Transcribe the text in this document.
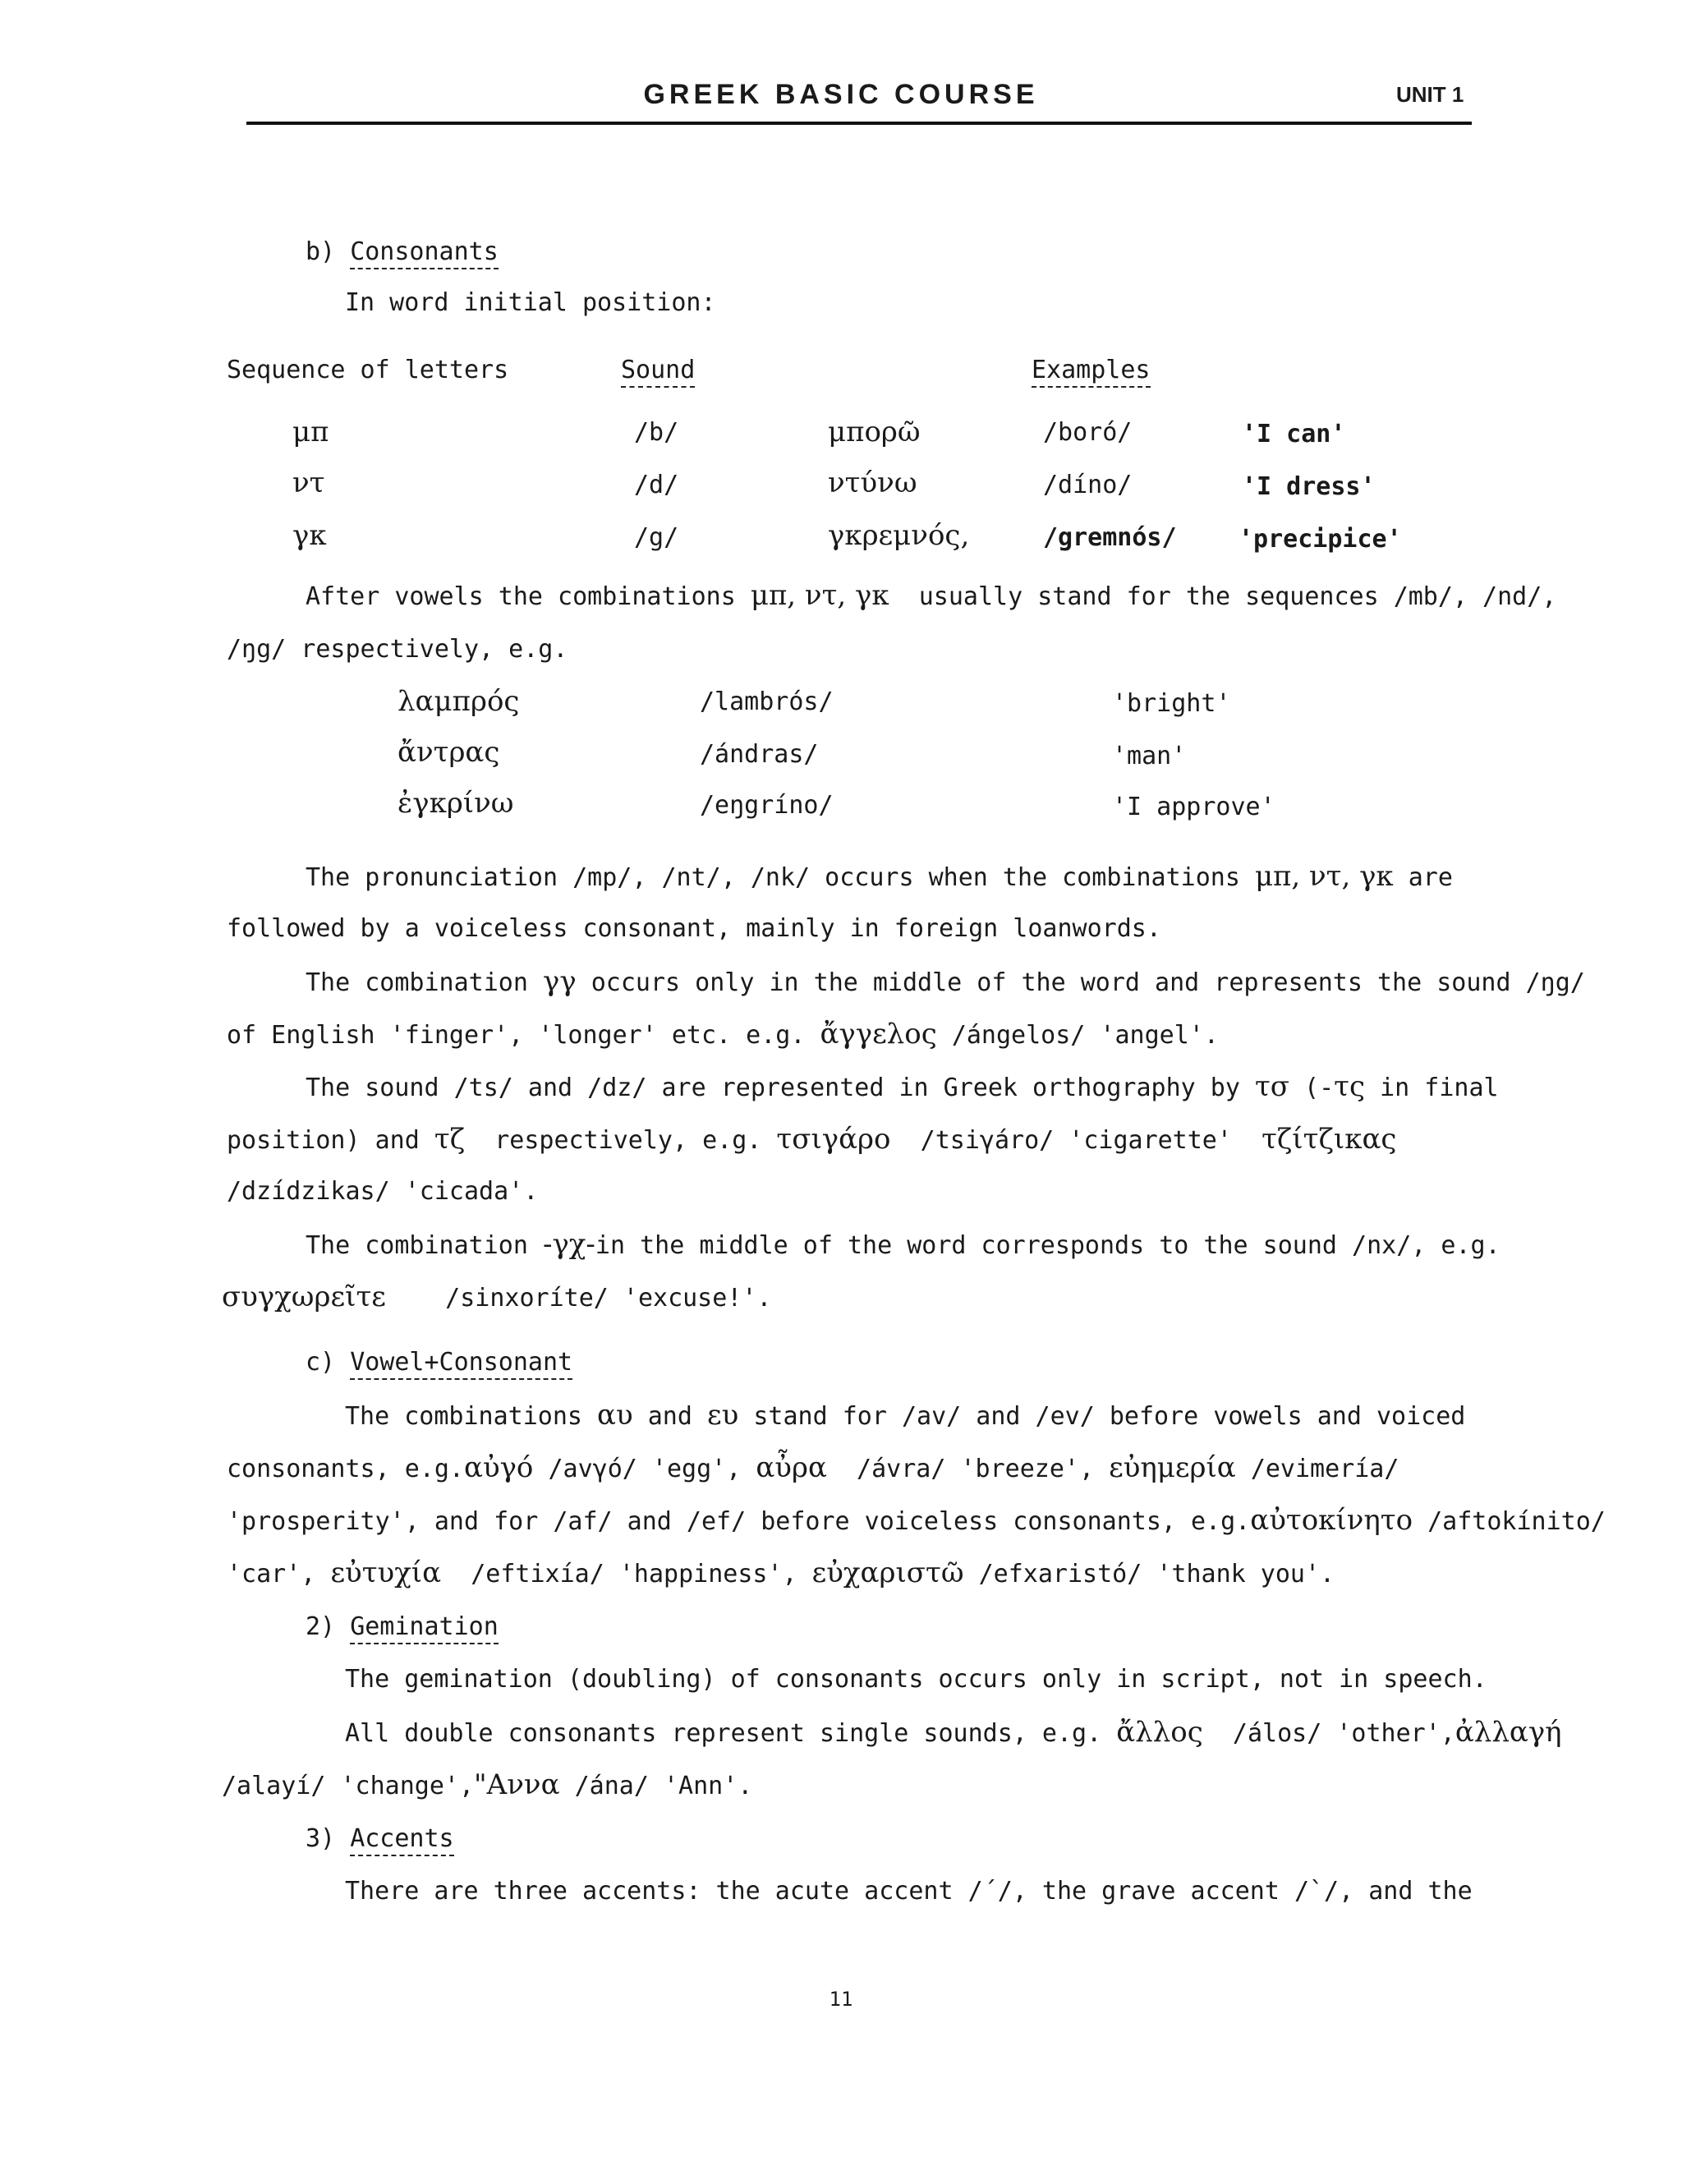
GREEK BASIC COURSE	UNIT 1
b) Consonants
In word initial position:
Sequence of letters	Sound	Examples
μπ	/b/	μπορῶ	/boró/	'I can'
ντ	/d/	ντύνω	/díno/	'I dress'
γκ	/g/	γκρεμνός,	/gremnós/	'precipice'
After vowels the combinations μπ, ντ, γκ usually stand for the sequences /mb/, /nd/,
/ŋg/ respectively, e.g.
λαμπρός	/lambrós/	'bright'
ἄντρας	/ándras/	'man'
ἐγκρίνω	/eŋgríno/	'I approve'
The pronunciation /mp/, /nt/, /nk/ occurs when the combinations μπ, ντ, γκ are
followed by a voiceless consonant, mainly in foreign loanwords.
The combination γγ occurs only in the middle of the word and represents the sound /ŋg/
of English 'finger', 'longer' etc. e.g. ἄγγελος /ángelos/ 'angel'.
The sound /ts/ and /dz/ are represented in Greek orthography by τσ (-τς in final
position) and τζ respectively, e.g. τσιγάρο /tsiγáro/ 'cigarette' τζίτζικας
/dzídzikas/ 'cicada'.
The combination -γχ-in the middle of the word corresponds to the sound /nx/, e.g.
συγχωρεῖτε /sinxoríte/ 'excuse!'.
c) Vowel+Consonant
The combinations αυ and ευ stand for /av/ and /ev/ before vowels and voiced
consonants, e.g.αὐγό /avγó/ 'egg', αὖρα /ávra/ 'breeze', εὐημερία /evimería/
'prosperity', and for /af/ and /ef/ before voiceless consonants, e.g.αὐτοκίνητο /aftokínito/
'car', εὐτυχία /eftixía/ 'happiness', εὐχαριστῶ /efxaristó/ 'thank you'.
2) Gemination
The gemination (doubling) of consonants occurs only in script, not in speech.
All double consonants represent single sounds, e.g. ἄλλος /álos/ 'other',ἀλλαγή
/alayí/ 'change',"Αννα /ána/ 'Ann'.
3) Accents
There are three accents: the acute accent /´/, the grave accent /`/, and the
11
